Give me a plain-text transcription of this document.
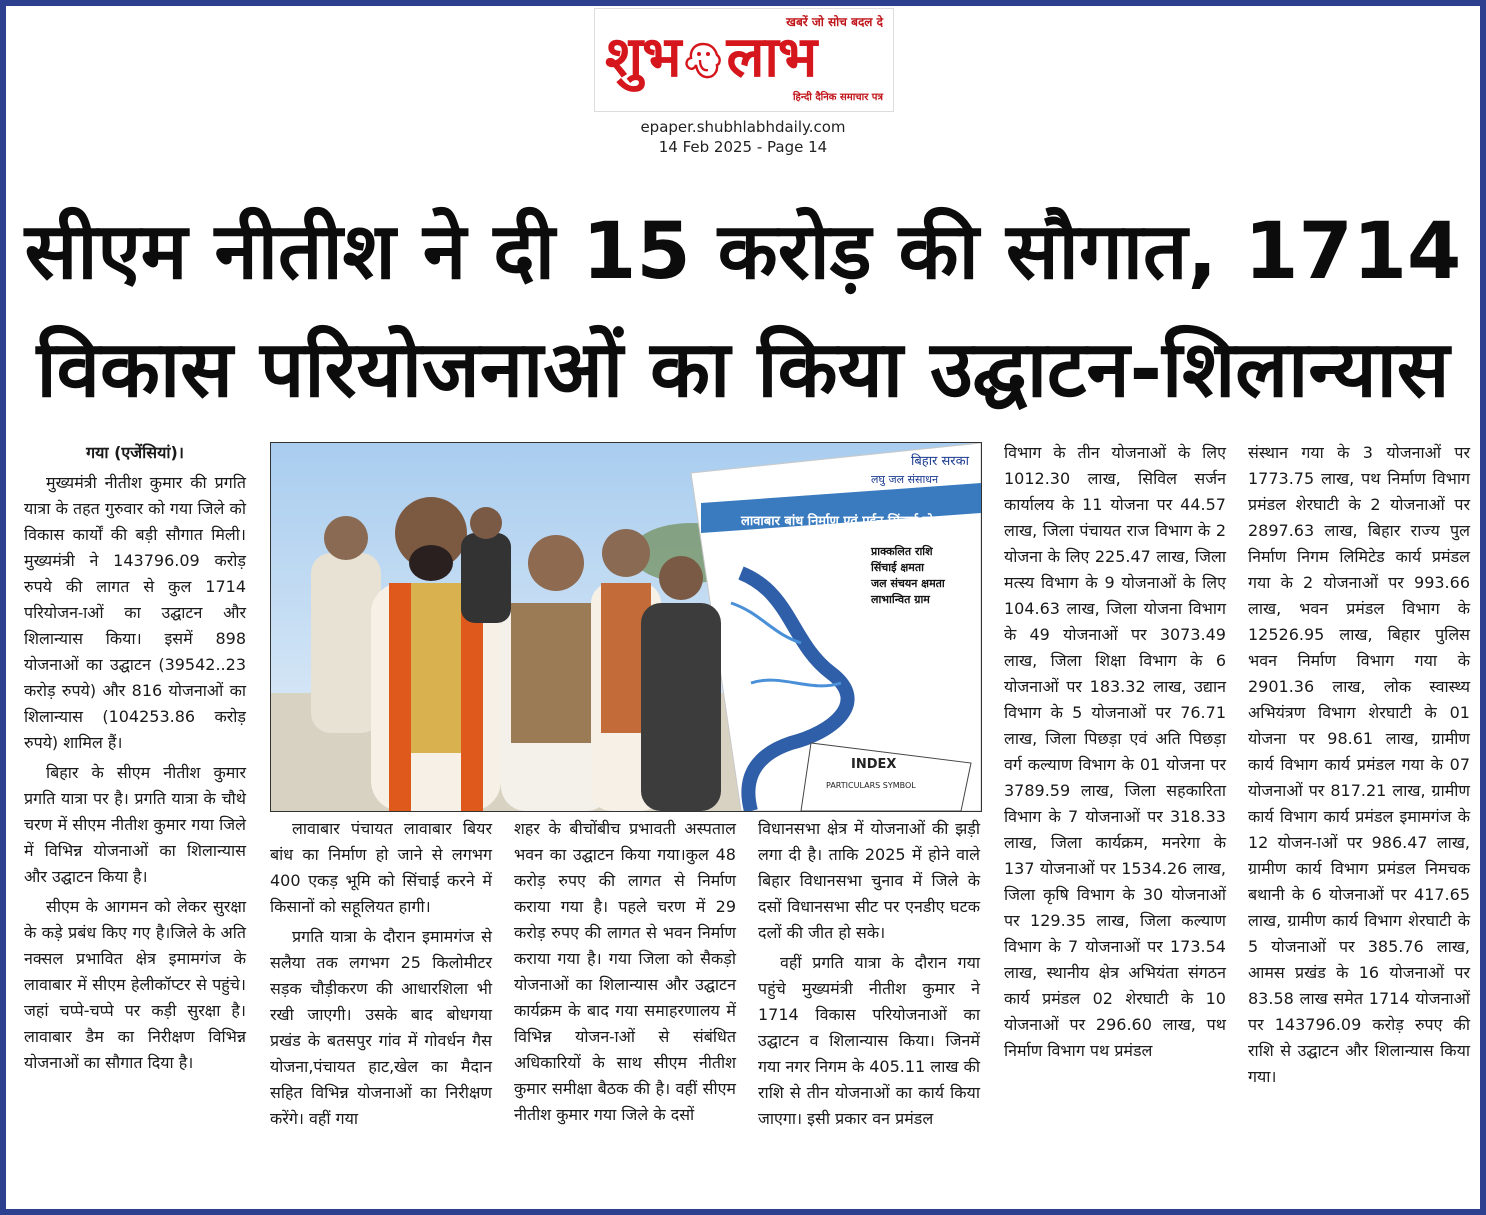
खबरें जो सोच बदल दे
शुभ लाभ
हिन्दी दैनिक समाचार पत्र
epaper.shubhlabhdaily.com
14 Feb 2025 - Page 14
सीएम नीतीश ने दी 15 करोड़ की सौगात, 1714
विकास परियोजनाओं का किया उद्घाटन-शिलान्यास

गया (एजेंसियां)।

मुख्यमंत्री नीतीश कुमार की प्रगति यात्रा के तहत गुरुवार को गया जिले को विकास कार्यों की बड़ी सौगात मिली। मुख्यमंत्री ने 143796.09 करोड़ रुपये की लागत से कुल 1714 परियोजन-ाओं का उद्घाटन और शिलान्यास किया। इसमें 898 योजनाओं का उद्घाटन (39542..23 करोड़ रुपये) और 816 योजनाओं का शिलान्यास (104253.86 करोड़ रुपये) शामिल हैं।

बिहार के सीएम नीतीश कुमार प्रगति यात्रा पर है। प्रगति यात्रा के चौथे चरण में सीएम नीतीश कुमार गया जिले में विभिन्न योजनाओं का शिलान्यास और उद्घाटन किया है।

सीएम के आगमन को लेकर सुरक्षा के कड़े प्रबंध किए गए है।जिले के अति नक्सल प्रभावित क्षेत्र इमामगंज के लावाबार में सीएम हेलीकॉप्टर से पहुंचे। जहां चप्पे-चप्पे पर कड़ी सुरक्षा है।लावाबार डैम का निरीक्षण विभिन्न योजनाओं का सौगात दिया है।

बिहार सरका
लघु जल संसाधन
लावाबार बांध निर्माण एवं पईन सिंचाई यो
प्राक्कलित राशि
सिंचाई क्षमता
जल संचयन क्षमता
लाभान्वित ग्राम
INDEX
PARTICULARS SYMBOL

लावाबार पंचायत लावाबार बियर बांध का निर्माण हो जाने से लगभग 400 एकड़ भूमि को सिंचाई करने में किसानों को सहूलियत हागी।

प्रगति यात्रा के दौरान इमामगंज से सलैया तक लगभग 25 किलोमीटर सड़क चौड़ीकरण की आधारशिला भी रखी जाएगी। उसके बाद बोधगया प्रखंड के बतसपुर गांव में गोवर्धन गैस योजना,पंचायत हाट,खेल का मैदान सहित विभिन्न योजनाओं का निरीक्षण करेंगे। वहीं गया

शहर के बीचोंबीच प्रभावती अस्पताल भवन का उद्घाटन किया गया।कुल 48 करोड़ रुपए की लागत से निर्माण कराया गया है। पहले चरण में 29 करोड़ रुपए की लागत से भवन निर्माण कराया गया है। गया जिला को सैकड़ो योजनाओं का शिलान्यास और उद्घाटन कार्यक्रम के बाद गया समाहरणालय में विभिन्न योजन-ाओं से संबंधित अधिकारियों के साथ सीएम नीतीश कुमार समीक्षा बैठक की है। वहीं सीएम नीतीश कुमार गया जिले के दसों

विधानसभा क्षेत्र में योजनाओं की झड़ी लगा दी है। ताकि 2025 में होने वाले बिहार विधानसभा चुनाव में जिले के दसों विधानसभा सीट पर एनडीए घटक दलों की जीत हो सके।

वहीं प्रगति यात्रा के दौरान गया पहुंचे मुख्यमंत्री नीतीश कुमार ने 1714 विकास परियोजनाओं का उद्घाटन व शिलान्यास किया। जिनमें गया नगर निगम के 405.11 लाख की राशि से तीन योजनाओं का कार्य किया जाएगा। इसी प्रकार वन प्रमंडल

विभाग के तीन योजनाओं के लिए 1012.30 लाख, सिविल सर्जन कार्यालय के 11 योजना पर 44.57 लाख, जिला पंचायत राज विभाग के 2 योजना के लिए 225.47 लाख, जिला मत्स्य विभाग के 9 योजनाओं के लिए 104.63 लाख, जिला योजना विभाग के 49 योजनाओं पर 3073.49 लाख, जिला शिक्षा विभाग के 6 योजनाओं पर 183.32 लाख, उद्यान विभाग के 5 योजनाओं पर 76.71 लाख, जिला पिछड़ा एवं अति पिछड़ा वर्ग कल्याण विभाग के 01 योजना पर 3789.59 लाख, जिला सहकारिता विभाग के 7 योजनाओं पर 318.33 लाख, जिला कार्यक्रम, मनरेगा के 137 योजनाओं पर 1534.26 लाख, जिला कृषि विभाग के 30 योजनाओं पर 129.35 लाख, जिला कल्याण विभाग के 7 योजनाओं पर 173.54 लाख, स्थानीय क्षेत्र अभियंता संगठन कार्य प्रमंडल 02 शेरघाटी के 10 योजनाओं पर 296.60 लाख, पथ निर्माण विभाग पथ प्रमंडल

संस्थान गया के 3 योजनाओं पर 1773.75 लाख, पथ निर्माण विभाग प्रमंडल शेरघाटी के 2 योजनाओं पर 2897.63 लाख, बिहार राज्य पुल निर्माण निगम लिमिटेड कार्य प्रमंडल गया के 2 योजनाओं पर 993.66 लाख, भवन प्रमंडल विभाग के 12526.95 लाख, बिहार पुलिस भवन निर्माण विभाग गया के 2901.36 लाख, लोक स्वास्थ्य अभियंत्रण विभाग शेरघाटी के 01 योजना पर 98.61 लाख, ग्रामीण कार्य विभाग कार्य प्रमंडल गया के 07 योजनाओं पर 817.21 लाख, ग्रामीण कार्य विभाग कार्य प्रमंडल इमामगंज के 12 योजन-ाओं पर 986.47 लाख, ग्रामीण कार्य विभाग प्रमंडल निमचक बथानी के 6 योजनाओं पर 417.65 लाख, ग्रामीण कार्य विभाग शेरघाटी के 5 योजनाओं पर 385.76 लाख, आमस प्रखंड के 16 योजनाओं पर 83.58 लाख समेत 1714 योजनाओं पर 143796.09 करोड़ रुपए की राशि से उद्घाटन और शिलान्यास किया गया।
